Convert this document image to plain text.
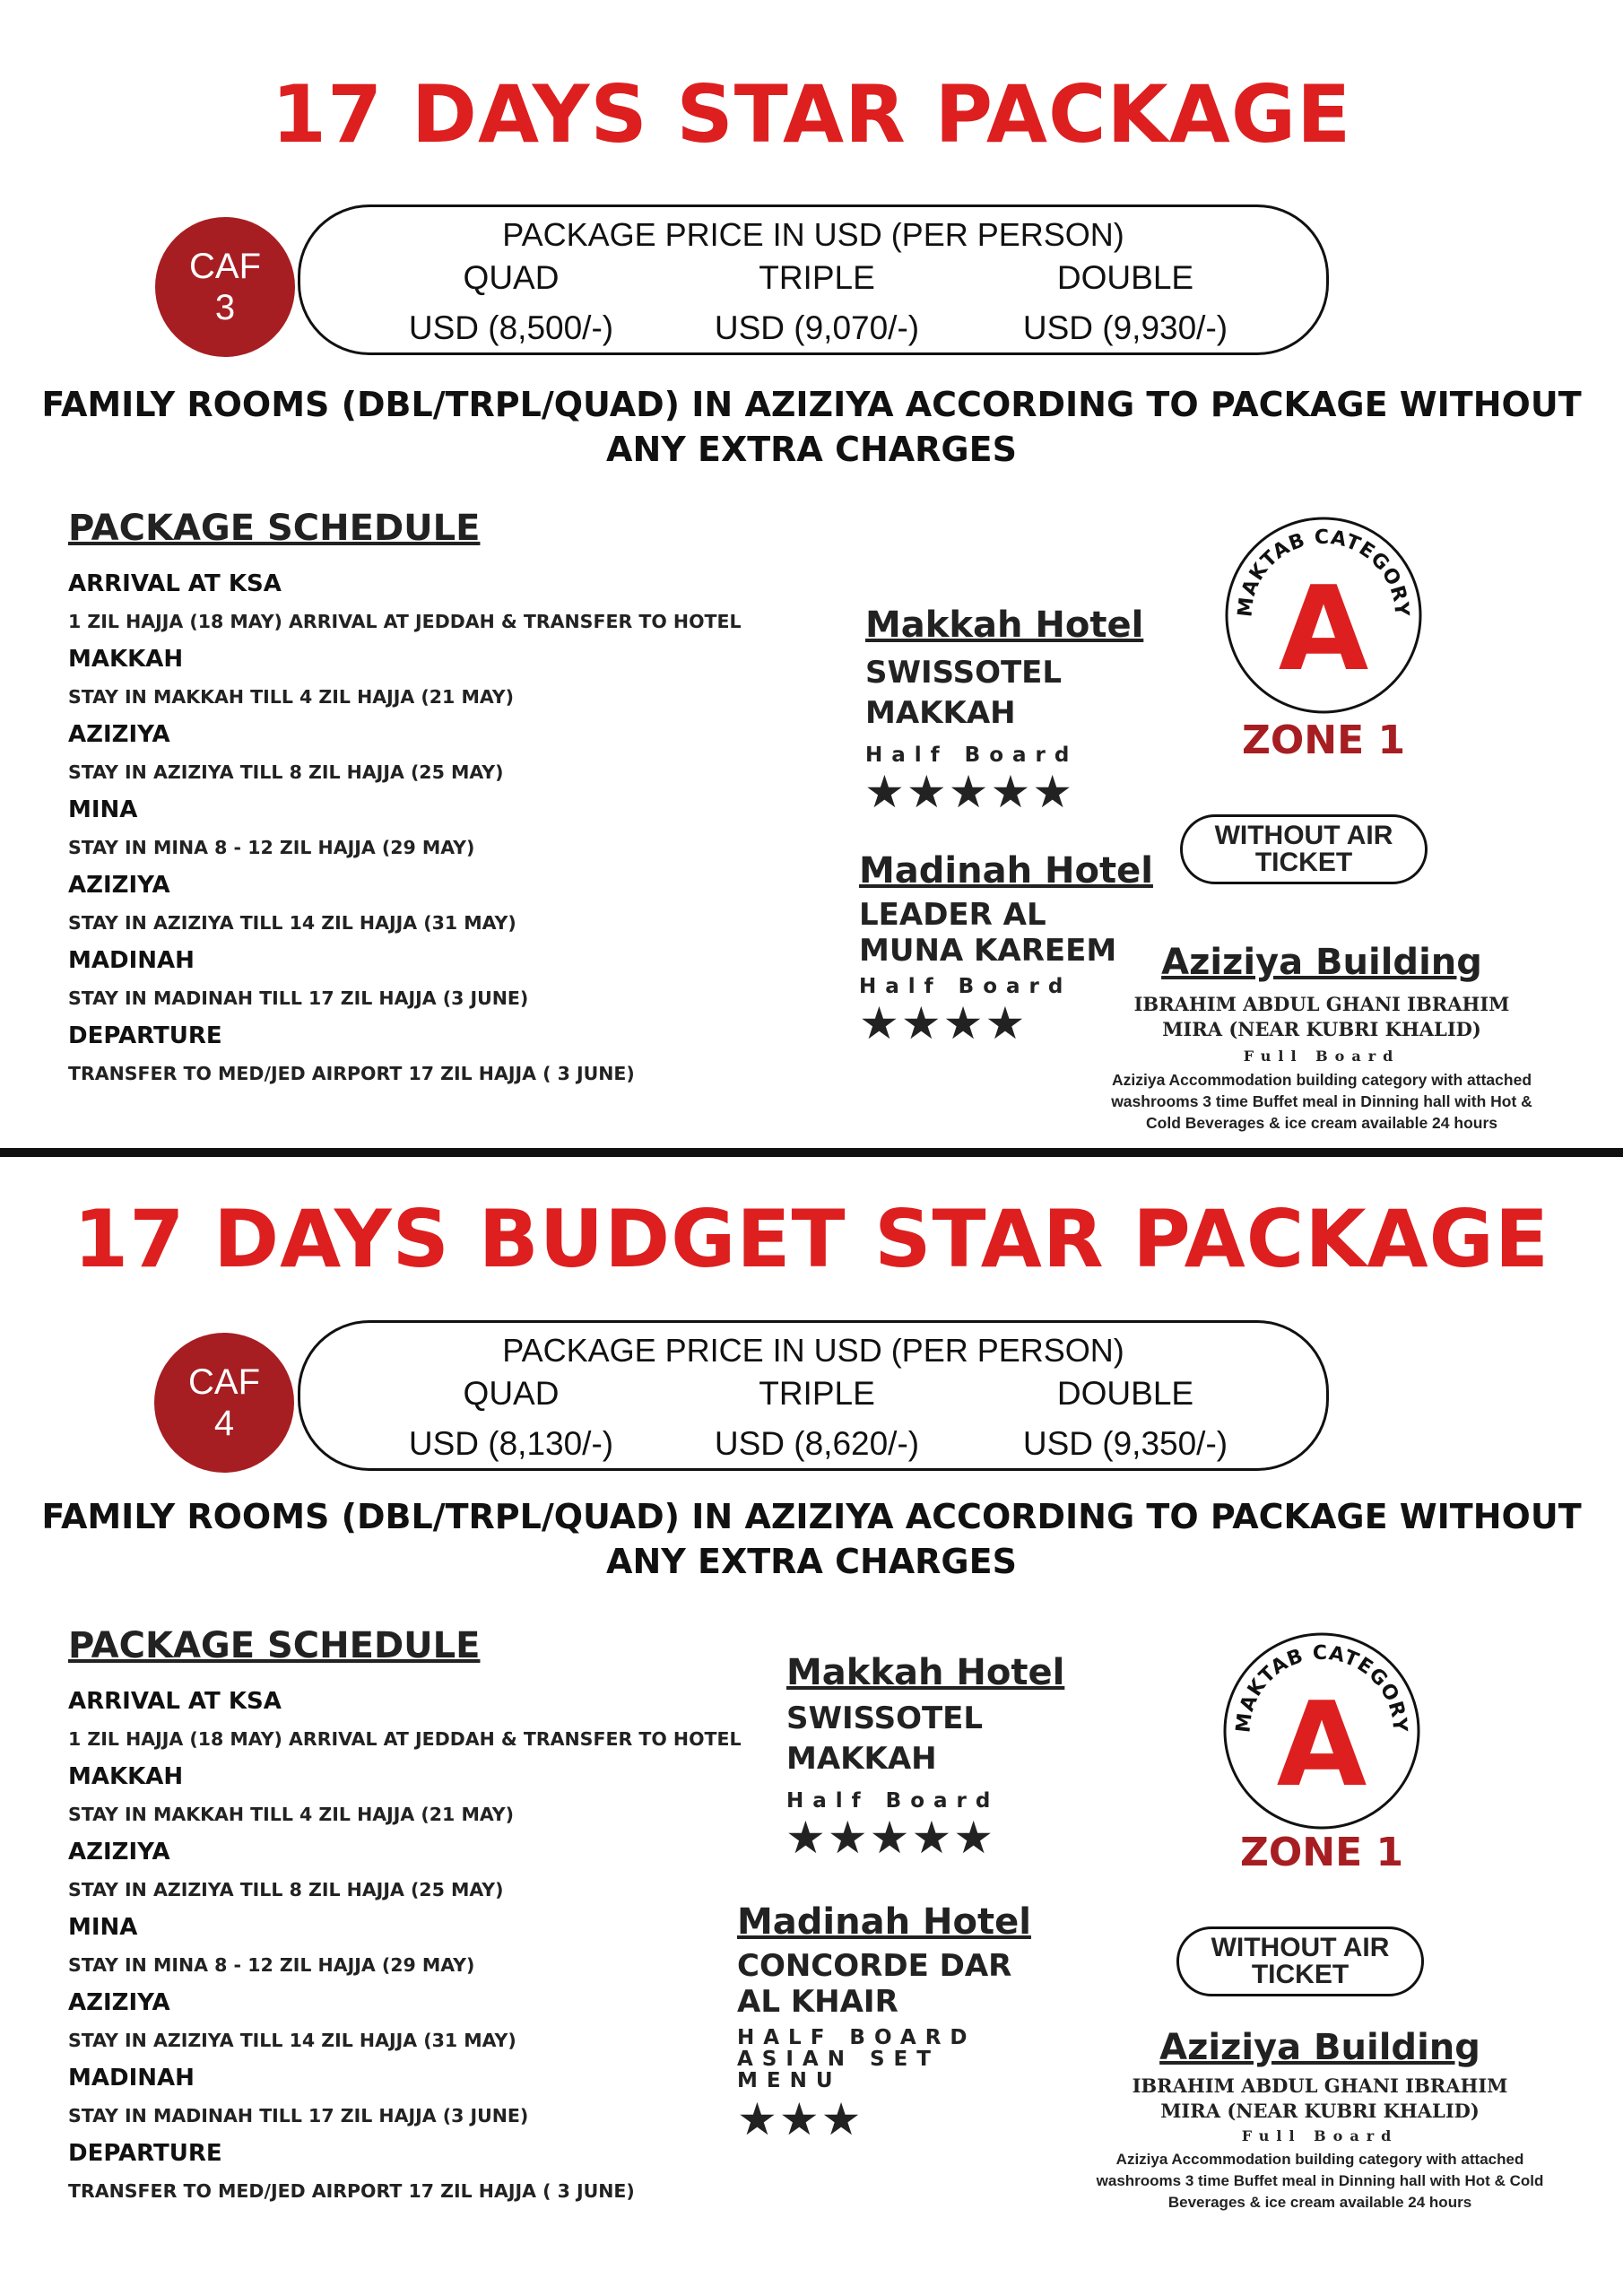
17 DAYS STAR PACKAGE
CAF
3
PACKAGE PRICE IN USD (PER PERSON)
QUAD
USD (8,500/-)
TRIPLE
USD (9,070/-)
DOUBLE
USD (9,930/-)
FAMILY ROOMS (DBL/TRPL/QUAD) IN AZIZIYA ACCORDING TO PACKAGE WITHOUT
ANY EXTRA CHARGES
PACKAGE SCHEDULE
ARRIVAL AT KSA
1 ZIL HAJJA (18 MAY) ARRIVAL AT JEDDAH & TRANSFER TO HOTEL
MAKKAH
STAY IN MAKKAH TILL 4 ZIL HAJJA (21 MAY)
AZIZIYA
STAY IN AZIZIYA TILL 8 ZIL HAJJA (25 MAY)
MINA
STAY IN MINA 8 - 12 ZIL HAJJA (29 MAY)
AZIZIYA
STAY IN AZIZIYA TILL 14 ZIL HAJJA (31 MAY)
MADINAH
STAY IN MADINAH TILL 17 ZIL HAJJA (3 JUNE)
DEPARTURE
TRANSFER TO MED/JED AIRPORT 17 ZIL HAJJA ( 3 JUNE)
Makkah Hotel
SWISSOTEL
MAKKAH
Half Board
★★★★★
Madinah Hotel
LEADER AL
MUNA KAREEM
Half Board
★★★★
MAKTAB CATEGORY
A
ZONE 1
WITHOUT AIR
TICKET
Aziziya Building
IBRAHIM ABDUL GHANI IBRAHIM
MIRA (NEAR KUBRI KHALID)
Full Board
Aziziya Accommodation building category with attached
washrooms 3 time Buffet meal in Dinning hall with Hot &
Cold Beverages & ice cream available 24 hours
17 DAYS BUDGET STAR PACKAGE
CAF
4
PACKAGE PRICE IN USD (PER PERSON)
QUAD
USD (8,130/-)
TRIPLE
USD (8,620/-)
DOUBLE
USD (9,350/-)
FAMILY ROOMS (DBL/TRPL/QUAD) IN AZIZIYA ACCORDING TO PACKAGE WITHOUT
ANY EXTRA CHARGES
PACKAGE SCHEDULE
ARRIVAL AT KSA
1 ZIL HAJJA (18 MAY) ARRIVAL AT JEDDAH & TRANSFER TO HOTEL
MAKKAH
STAY IN MAKKAH TILL 4 ZIL HAJJA (21 MAY)
AZIZIYA
STAY IN AZIZIYA TILL 8 ZIL HAJJA (25 MAY)
MINA
STAY IN MINA 8 - 12 ZIL HAJJA (29 MAY)
AZIZIYA
STAY IN AZIZIYA TILL 14 ZIL HAJJA (31 MAY)
MADINAH
STAY IN MADINAH TILL 17 ZIL HAJJA (3 JUNE)
DEPARTURE
TRANSFER TO MED/JED AIRPORT 17 ZIL HAJJA ( 3 JUNE)
Makkah Hotel
SWISSOTEL
MAKKAH
Half Board
★★★★★
Madinah Hotel
CONCORDE DAR
AL KHAIR
HALF BOARD
ASIAN SET
MENU
★★★
MAKTAB CATEGORY
A
ZONE 1
WITHOUT AIR
TICKET
Aziziya Building
IBRAHIM ABDUL GHANI IBRAHIM
MIRA (NEAR KUBRI KHALID)
Full Board
Aziziya Accommodation building category with attached
washrooms 3 time Buffet meal in Dinning hall with Hot & Cold
Beverages & ice cream available 24 hours
